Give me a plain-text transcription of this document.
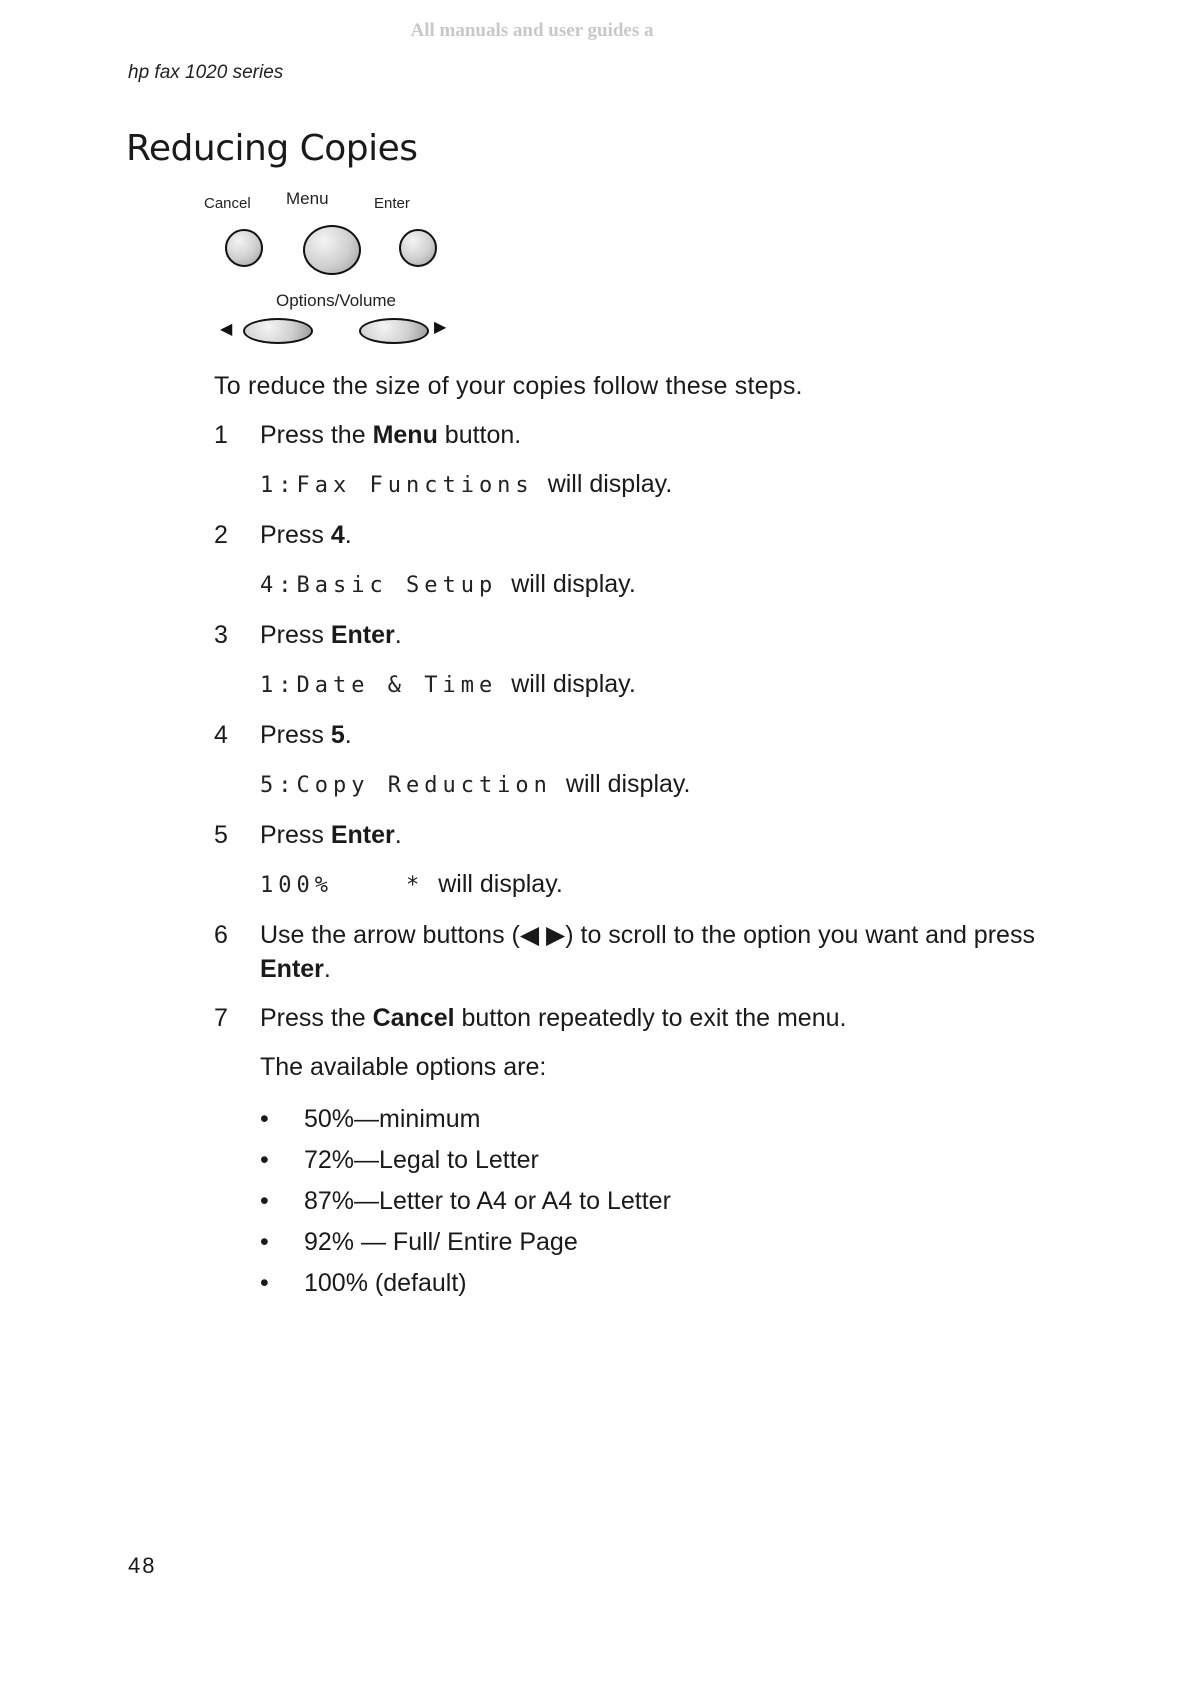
All manuals and user guides a
hp fax 1020 series
Reducing Copies
Cancel Menu	Enter
Options/Volume
◀	▶
To reduce the size of your copies follow these steps.
1 Press the Menu button.
1:Fax Functions will display.
2 Press 4.
4:Basic Setup will display.
3 Press Enter.
1:Date & Time will display.
4 Press 5.
5:Copy Reduction will display.
5 Press Enter.
100%    * will display.
6 Use the arrow buttons (◀ ▶) to scroll to the option you want and press Enter.
7 Press the Cancel button repeatedly to exit the menu.
The available options are:
• 50%—minimum
• 72%—Legal to Letter
• 87%—Letter to A4 or A4 to Letter
• 92% — Full/ Entire Page
• 100% (default)
48
